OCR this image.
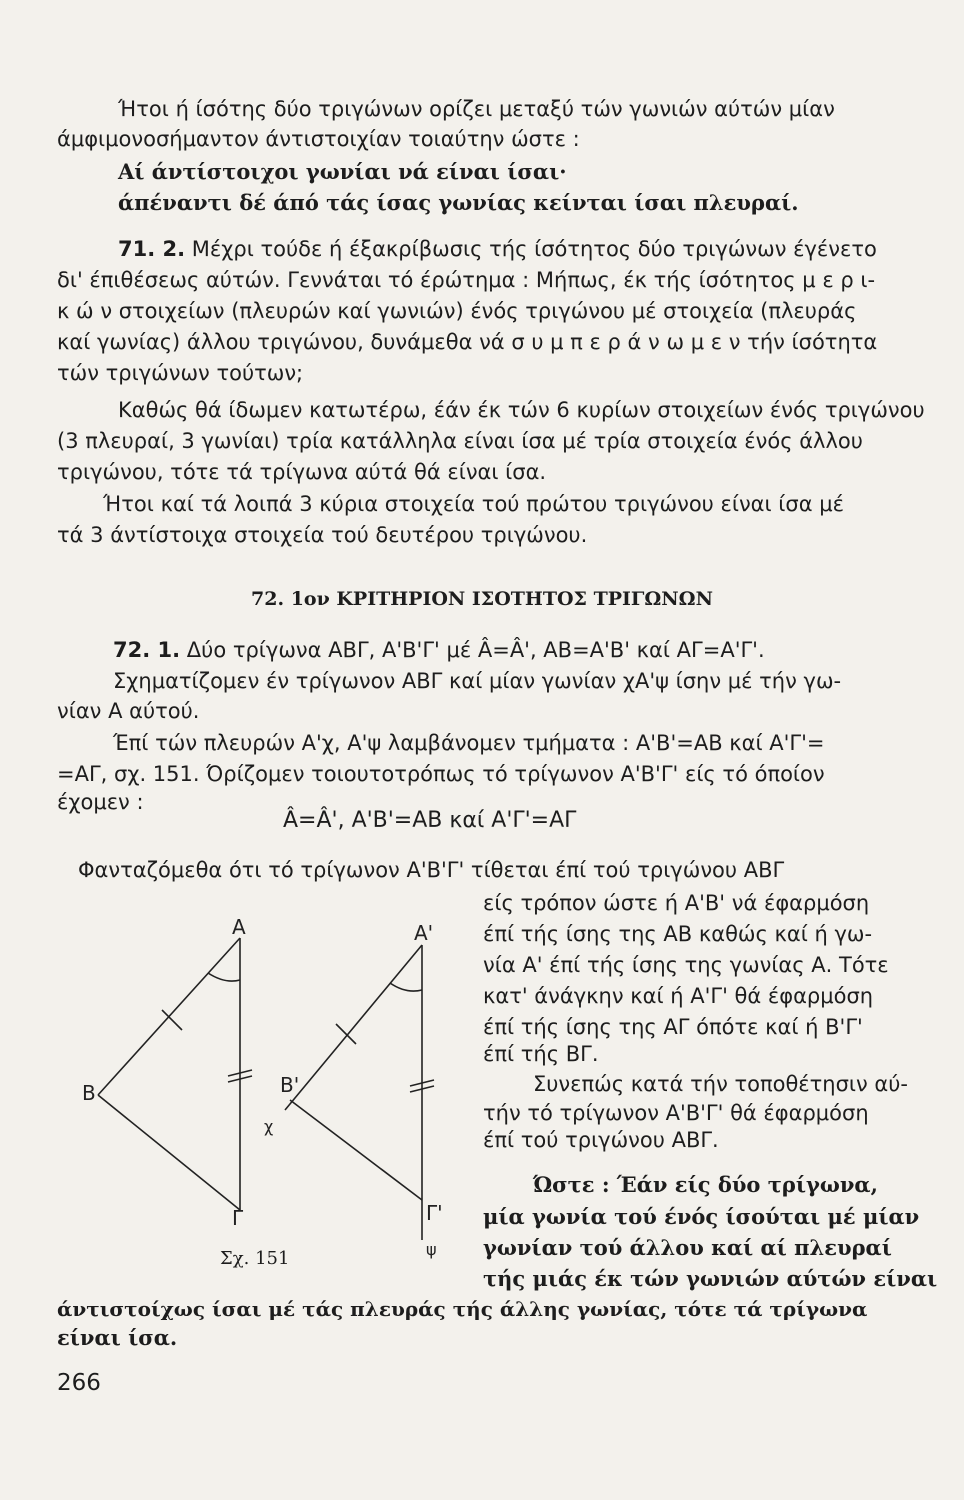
Ήτοι ή ίσότης δύο τριγώνων ορίζει μεταξύ τών γωνιών αύτών μίαν
άμφιμονοσήμαντον άντιστοιχίαν τοιαύτην ώστε :
Αί άντίστοιχοι γωνίαι νά είναι ίσαι·
άπέναντι δέ άπό τάς ίσας γωνίας κείνται ίσαι πλευραί.
71. 2. Μέχρι τούδε ή έξακρίβωσις τής ίσότητος δύο τριγώνων έγένετο
δι' έπιθέσεως αύτών. Γεννάται τό έρώτημα : Μήπως, έκ τής ίσότητος μ ε ρ ι-
κ ώ ν στοιχείων (πλευρών καί γωνιών) ένός τριγώνου μέ στοιχεία (πλευράς
καί γωνίας) άλλου τριγώνου, δυνάμεθα νά σ υ μ π ε ρ ά ν ω μ ε ν τήν ίσότητα
τών τριγώνων τούτων;
Καθώς θά ίδωμεν κατωτέρω, έάν έκ τών 6 κυρίων στοιχείων ένός τριγώνου
(3 πλευραί, 3 γωνίαι) τρία κατάλληλα είναι ίσα μέ τρία στοιχεία ένός άλλου
τριγώνου, τότε τά τρίγωνα αύτά θά είναι ίσα.
Ήτοι καί τά λοιπά 3 κύρια στοιχεία τού πρώτου τριγώνου είναι ίσα μέ
τά 3 άντίστοιχα στοιχεία τού δευτέρου τριγώνου.
72. 1ον ΚΡΙΤΗΡΙΟΝ ΙΣΟΤΗΤΟΣ ΤΡΙΓΩΝΩΝ
72. 1. Δύο τρίγωνα ΑΒΓ, Α'Β'Γ' μέ Â=Â', ΑΒ=Α'Β' καί ΑΓ=Α'Γ'.
Σχηματίζομεν έν τρίγωνον ΑΒΓ καί μίαν γωνίαν χΑ'ψ ίσην μέ τήν γω-
νίαν Α αύτού.
Έπί τών πλευρών Α'χ, Α'ψ λαμβάνομεν τμήματα : Α'Β'=ΑΒ καί Α'Γ'=
=ΑΓ, σχ. 151. Όρίζομεν τοιουτοτρόπως τό τρίγωνον Α'Β'Γ' είς τό όποίον
έχομεν :
Â=Â', Α'Β'=ΑΒ καί Α'Γ'=ΑΓ
Φανταζόμεθα ότι τό τρίγωνον Α'Β'Γ' τίθεται έπί τού τριγώνου ΑΒΓ
είς τρόπον ώστε ή Α'Β' νά έφαρμόση
έπί τής ίσης της ΑΒ καθώς καί ή γω-
νία Α' έπί τής ίσης της γωνίας Α. Τότε
κατ' άνάγκην καί ή Α'Γ' θά έφαρμόση
έπί τής ίσης της ΑΓ όπότε καί ή Β'Γ'
έπί τής ΒΓ.
Συνεπώς κατά τήν τοποθέτησιν αύ-
τήν τό τρίγωνον Α'Β'Γ' θά έφαρμόση
έπί τού τριγώνου ΑΒΓ.
Ώστε : Έάν είς δύο τρίγωνα,
μία γωνία τού ένός ίσούται μέ μίαν
γωνίαν τού άλλου καί αί πλευραί
τής μιάς έκ τών γωνιών αύτών είναι
άντιστοίχως ίσαι μέ τάς πλευράς τής άλλης γωνίας, τότε τά τρίγωνα
είναι ίσα.
Α
Β
Γ
Α'
Β'
Γ'
χ
ψ
Σχ. 151
266
